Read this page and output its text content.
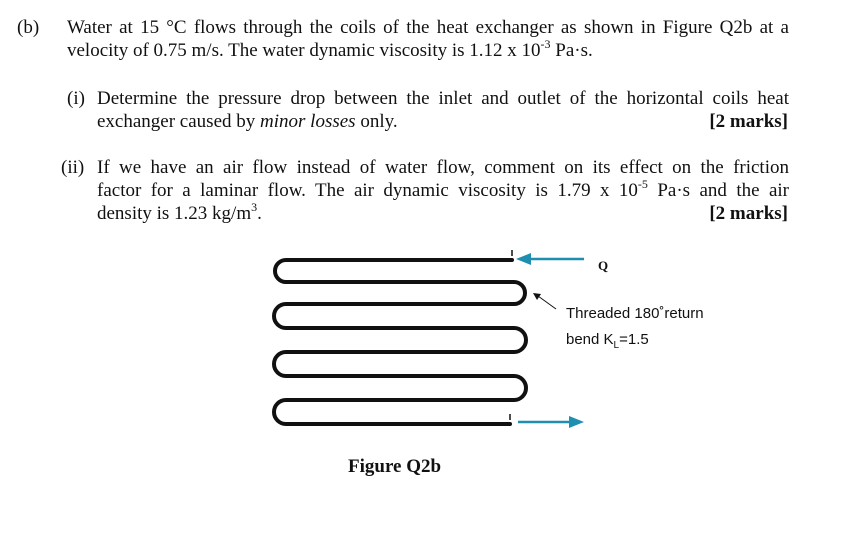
(b) Water at 15 °C flows through the coils of the heat exchanger as shown in Figure Q2b at a
velocity of 0.75 m/s. The water dynamic viscosity is 1.12 x $10^{-3}$ Pa·s.
(i) Determine the pressure drop between the inlet and outlet of the horizontal coils heat
exchanger caused by minor losses only.	[2 marks]
(ii) If we have an air flow instead of water flow, comment on its effect on the friction
factor for a laminar flow. The air dynamic viscosity is 1.79 x $10^{-5}$ Pa·s and the air
density is 1.23 $kg/m^3$.	[2 marks]
Q
Threaded 180˚return
bend $K_L=1.5$
Figure Q2b
